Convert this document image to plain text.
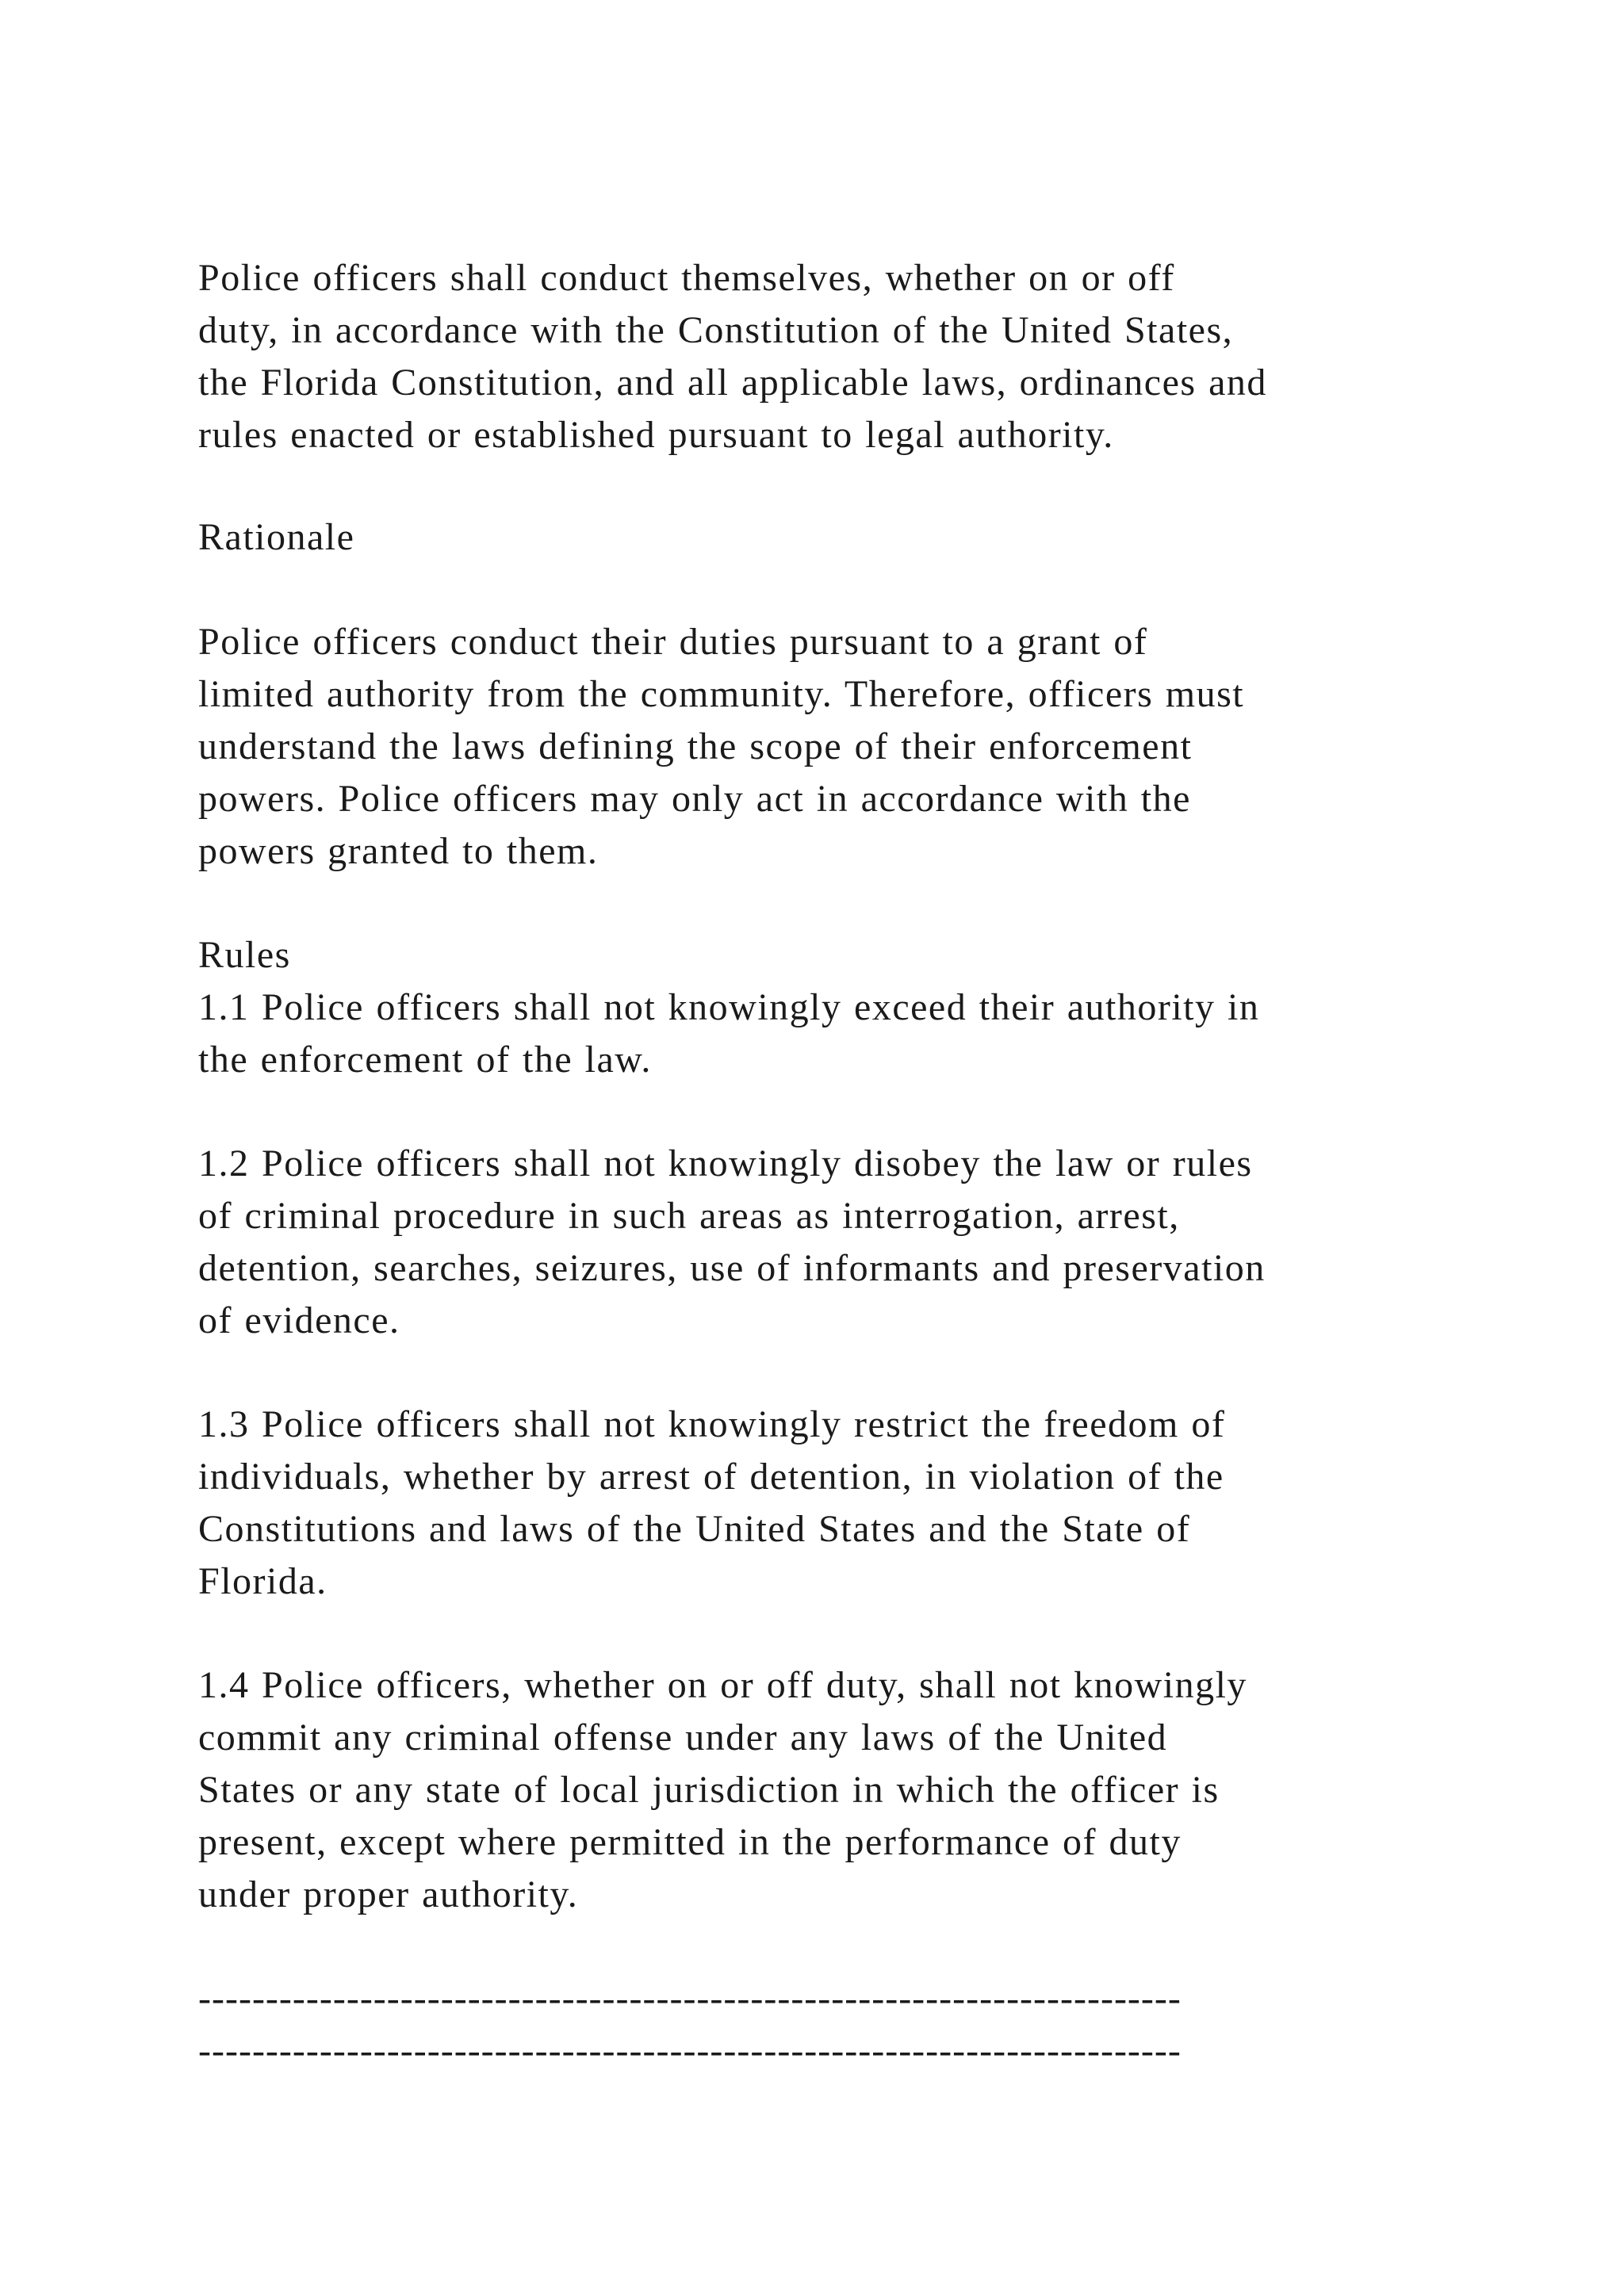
Police officers shall conduct themselves, whether on or off
duty, in accordance with the Constitution of the United States,
the Florida Constitution, and all applicable laws, ordinances and
rules enacted or established pursuant to legal authority.
Rationale
Police officers conduct their duties pursuant to a grant of
limited authority from the community. Therefore, officers must
understand the laws defining the scope of their enforcement
powers. Police officers may only act in accordance with the
powers granted to them.
Rules
1.1 Police officers shall not knowingly exceed their authority in
the enforcement of the law.
1.2 Police officers shall not knowingly disobey the law or rules
of criminal procedure in such areas as interrogation, arrest,
detention, searches, seizures, use of informants and preservation
of evidence.
1.3 Police officers shall not knowingly restrict the freedom of
individuals, whether by arrest of detention, in violation of the
Constitutions and laws of the United States and the State of
Florida.
1.4 Police officers, whether on or off duty, shall not knowingly
commit any criminal offense under any laws of the United
States or any state of local jurisdiction in which the officer is
present, except where permitted in the performance of duty
under proper authority.
-------------------------------------------------------------------------
-------------------------------------------------------------------------
